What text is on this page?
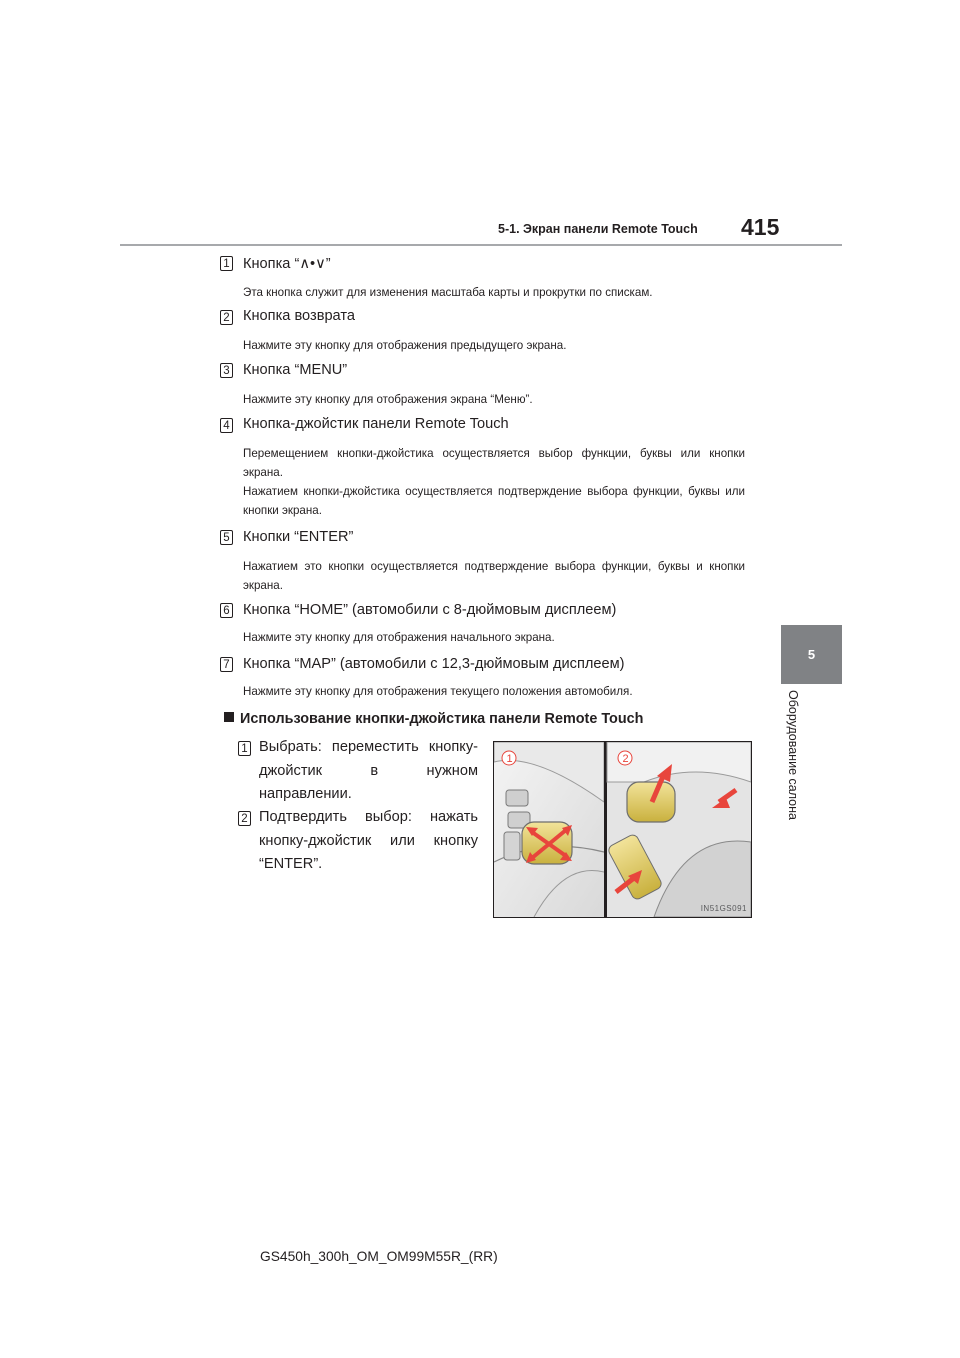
5-1. Экран панели Remote Touch 415
5
Оборудование салона
1 Кнопка “∧•∨”
Эта кнопка служит для изменения масштаба карты и прокрутки по спискам.
2 Кнопка возврата
Нажмите эту кнопку для отображения предыдущего экрана.
3 Кнопка “MENU”
Нажмите эту кнопку для отображения экрана “Меню”.
4 Кнопка-джойстик панели Remote Touch
Перемещением кнопки-джойстика осуществляется выбор функции, буквы или кнопки экрана.
Нажатием кнопки-джойстика осуществляется подтверждение выбора функции, буквы или кнопки экрана.
5 Кнопки “ENTER”
Нажатием это кнопки осуществляется подтверждение выбора функции, буквы и кнопки экрана.
6 Кнопка “HOME” (автомобили с 8-дюймовым дисплеем)
Нажмите эту кнопку для отображения начального экрана.
7 Кнопка “MAP” (автомобили с 12,3-дюймовым дисплеем)
Нажмите эту кнопку для отображения текущего положения автомобиля.
Использование кнопки-джойстика панели Remote Touch
1 Выбрать: переместить кнопку-джойстик в нужном направлении.
2 Подтвердить выбор: нажать кнопку-джойстик или кнопку “ENTER”.
1	2
IN51GS091
GS450h_300h_OM_OM99M55R_(RR)
